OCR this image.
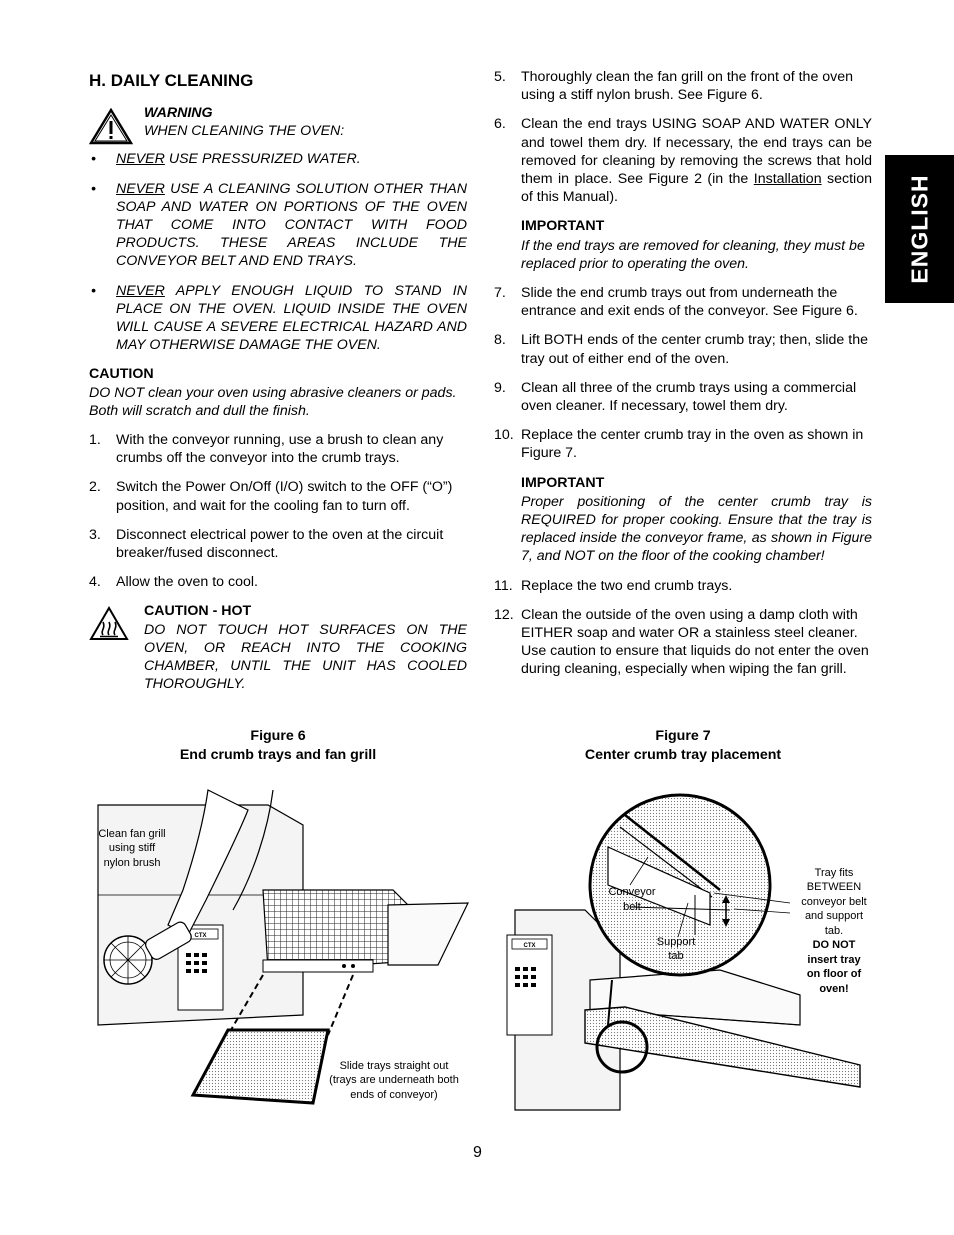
ENGLISH
H. DAILY CLEANING

WARNING

WHEN CLEANING THE OVEN:

• NEVER USE PRESSURIZED WATER.
• NEVER USE A CLEANING SOLUTION OTHER THAN SOAP AND WATER ON PORTIONS OF THE OVEN THAT COME INTO CONTACT WITH FOOD PRODUCTS. THESE AREAS INCLUDE THE CONVEYOR BELT AND END TRAYS.
• NEVER APPLY ENOUGH LIQUID TO STAND IN PLACE ON THE OVEN. LIQUID INSIDE THE OVEN WILL CAUSE A SEVERE ELECTRICAL HAZARD AND MAY OTHERWISE DAMAGE THE OVEN.

CAUTION

DO NOT clean your oven using abrasive cleaners or pads. Both will scratch and dull the finish.

1. With the conveyor running, use a brush to clean any crumbs off the conveyor into the crumb trays.
2. Switch the Power On/Off (I/O) switch to the OFF (“O”) position, and wait for the cooling fan to turn off.
3. Disconnect electrical power to the oven at the circuit breaker/fused disconnect.
4. Allow the oven to cool.

CAUTION - HOT

DO NOT TOUCH HOT SURFACES ON THE OVEN, OR REACH INTO THE COOKING CHAMBER, UNTIL THE UNIT HAS COOLED THOROUGHLY.

5. Thoroughly clean the fan grill on the front of the oven using a stiff nylon brush. See Figure 6.
6. Clean the end trays USING SOAP AND WATER ONLY and towel them dry. If necessary, the end trays can be removed for cleaning by removing the screws that hold them in place. See Figure 2 (in the Installation section of this Manual).

IMPORTANT

If the end trays are removed for cleaning, they must be replaced prior to operating the oven.

7. Slide the end crumb trays out from underneath the entrance and exit ends of the conveyor. See Figure 6.
8. Lift BOTH ends of the center crumb tray; then, slide the tray out of either end of the oven.
9. Clean all three of the crumb trays using a commercial oven cleaner. If necessary, towel them dry.
10. Replace the center crumb tray in the oven as shown in Figure 7.

IMPORTANT

Proper positioning of the center crumb tray is REQUIRED for proper cooking. Ensure that the tray is replaced inside the conveyor frame, as shown in Figure 7, and NOT on the floor of the cooking chamber!

11. Replace the two end crumb trays.
12. Clean the outside of the oven using a damp cloth with EITHER soap and water OR a stainless steel cleaner. Use caution to ensure that liquids do not enter the oven during cleaning, especially when wiping the fan grill.
Figure 6
End crumb trays and fan grill
Figure 7
Center crumb tray placement
CTX
Clean fan grill
using stiff
nylon brush
Slide trays straight out
(trays are underneath both
ends of conveyor)
CTX
Conveyor
belt
Support
tab
Tray fits
BETWEEN
conveyor belt
and support
tab.
DO NOT
insert tray
on floor of
oven!
9
